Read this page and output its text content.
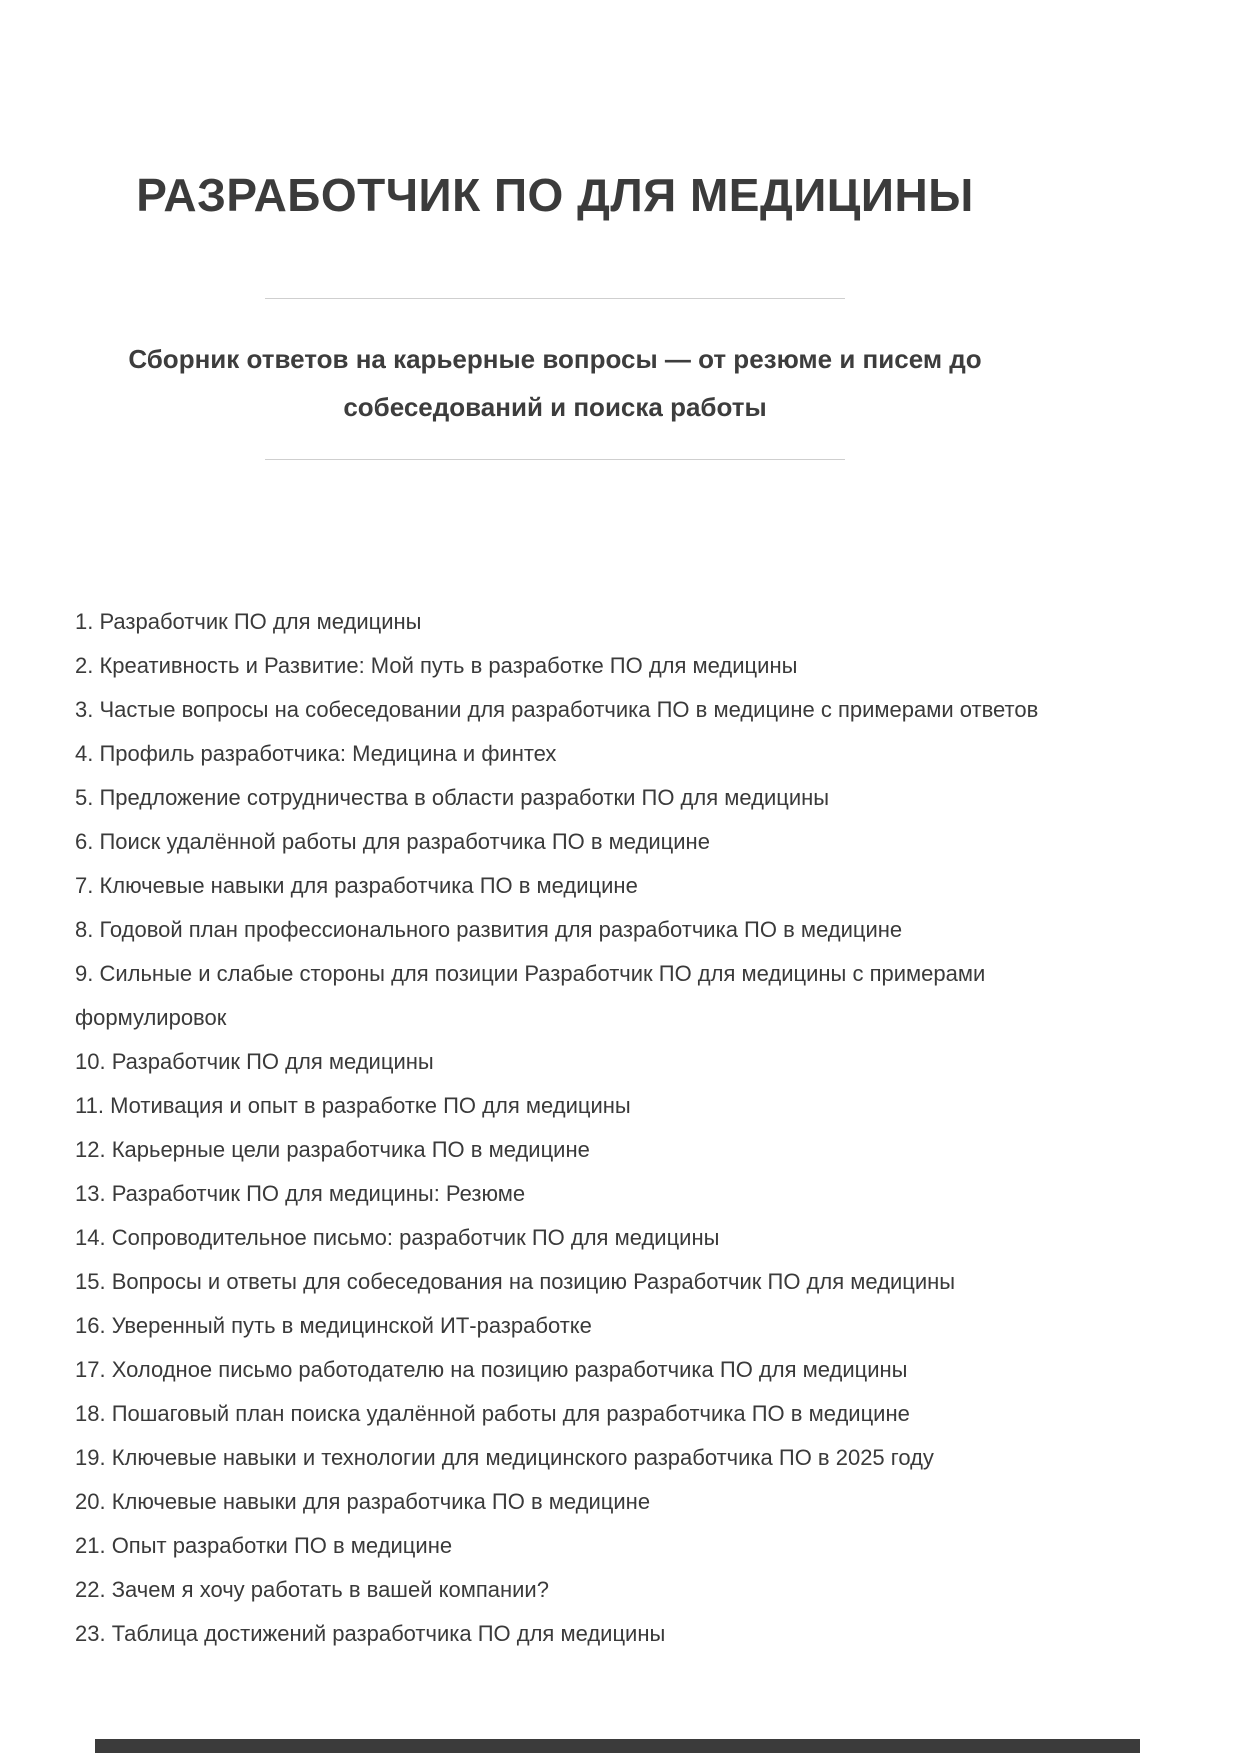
РАЗРАБОТЧИК ПО ДЛЯ МЕДИЦИНЫ
Сборник ответов на карьерные вопросы — от резюме и писем до собеседований и поиска работы
1. Разработчик ПО для медицины
2. Креативность и Развитие: Мой путь в разработке ПО для медицины
3. Частые вопросы на собеседовании для разработчика ПО в медицине с примерами ответов
4. Профиль разработчика: Медицина и финтех
5. Предложение сотрудничества в области разработки ПО для медицины
6. Поиск удалённой работы для разработчика ПО в медицине
7. Ключевые навыки для разработчика ПО в медицине
8. Годовой план профессионального развития для разработчика ПО в медицине
9. Сильные и слабые стороны для позиции Разработчик ПО для медицины с примерами формулировок
10. Разработчик ПО для медицины
11. Мотивация и опыт в разработке ПО для медицины
12. Карьерные цели разработчика ПО в медицине
13. Разработчик ПО для медицины: Резюме
14. Сопроводительное письмо: разработчик ПО для медицины
15. Вопросы и ответы для собеседования на позицию Разработчик ПО для медицины
16. Уверенный путь в медицинской ИТ-разработке
17. Холодное письмо работодателю на позицию разработчика ПО для медицины
18. Пошаговый план поиска удалённой работы для разработчика ПО в медицине
19. Ключевые навыки и технологии для медицинского разработчика ПО в 2025 году
20. Ключевые навыки для разработчика ПО в медицине
21. Опыт разработки ПО в медицине
22. Зачем я хочу работать в вашей компании?
23. Таблица достижений разработчика ПО для медицины
